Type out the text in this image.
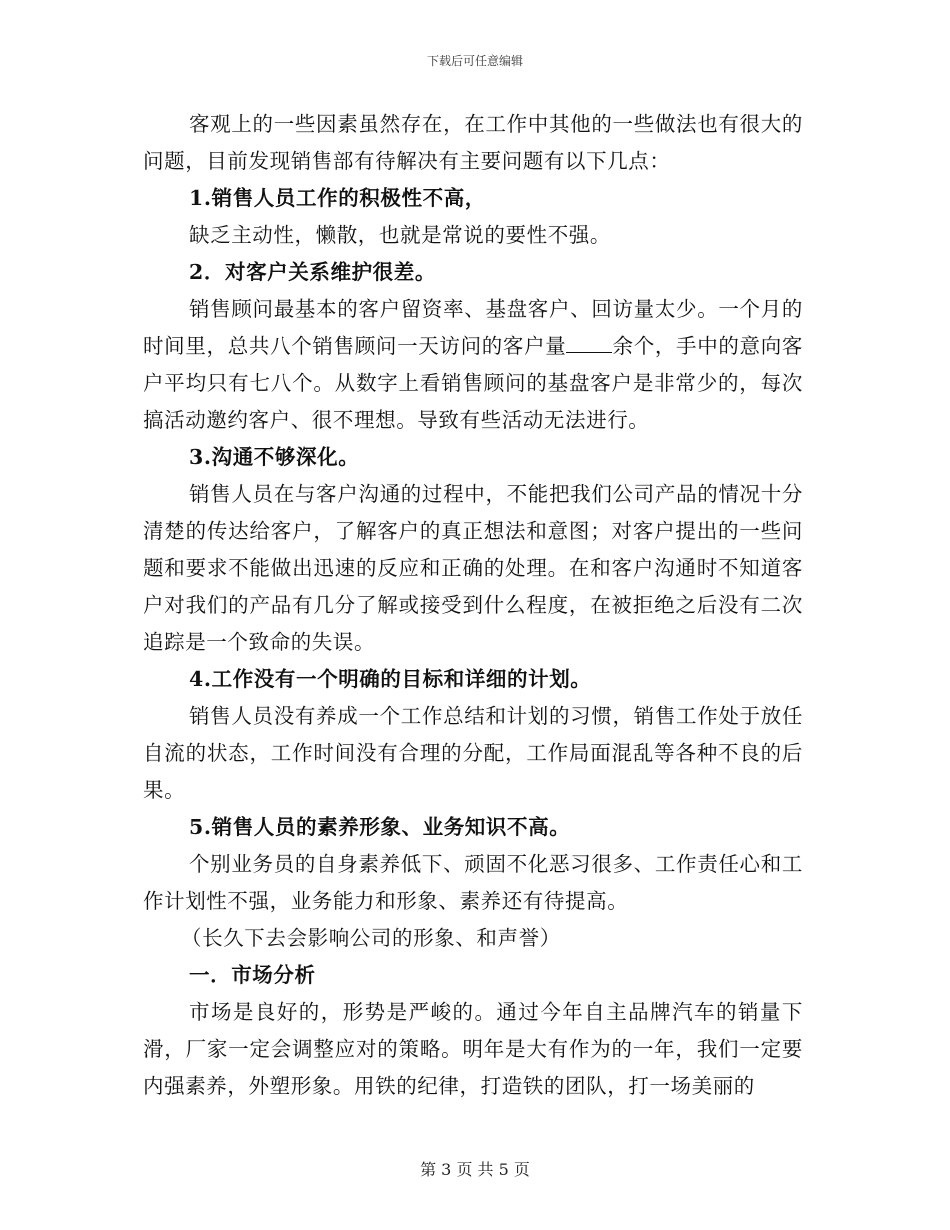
下载后可任意编辑

客观上的一些因素虽然存在，在工作中其他的一些做法也有很大的问题，目前发现销售部有待解决有主要问题有以下几点：

1.销售人员工作的积极性不高，

缺乏主动性，懒散，也就是常说的要性不强。

2．对客户关系维护很差。

销售顾问最基本的客户留资率、基盘客户、回访量太少。一个月的时间里，总共八个销售顾问一天访问的客户量 余个，手中的意向客户平均只有七八个。从数字上看销售顾问的基盘客户是非常少的，每次搞活动邀约客户、很不理想。导致有些活动无法进行。

3.沟通不够深化。

销售人员在与客户沟通的过程中，不能把我们公司产品的情况十分清楚的传达给客户，了解客户的真正想法和意图；对客户提出的一些问题和要求不能做出迅速的反应和正确的处理。在和客户沟通时不知道客户对我们的产品有几分了解或接受到什么程度，在被拒绝之后没有二次追踪是一个致命的失误。

4.工作没有一个明确的目标和详细的计划。

销售人员没有养成一个工作总结和计划的习惯，销售工作处于放任自流的状态，工作时间没有合理的分配，工作局面混乱等各种不良的后果。

5.销售人员的素养形象、业务知识不高。

个别业务员的自身素养低下、顽固不化恶习很多、工作责任心和工作计划性不强，业务能力和形象、素养还有待提高。

（长久下去会影响公司的形象、和声誉）

一．市场分析

市场是良好的，形势是严峻的。通过今年自主品牌汽车的销量下滑，厂家一定会调整应对的策略。明年是大有作为的一年，我们一定要内强素养，外塑形象。用铁的纪律，打造铁的团队，打一场美丽的

第 3 页 共 5 页
